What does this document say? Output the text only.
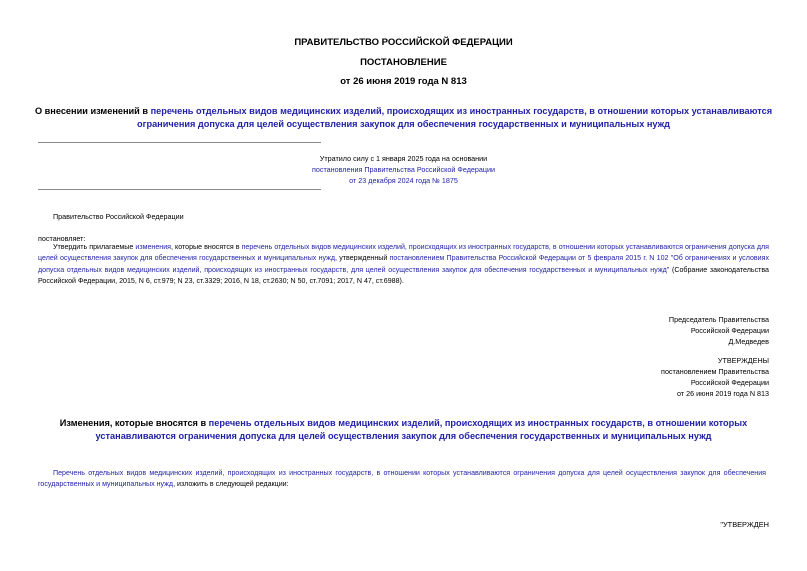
ПРАВИТЕЛЬСТВО РОССИЙСКОЙ ФЕДЕРАЦИИ
ПОСТАНОВЛЕНИЕ
от 26 июня 2019 года N 813
О внесении изменений в перечень отдельных видов медицинских изделий, происходящих из иностранных государств, в отношении которых устанавливаются ограничения допуска для целей осуществления закупок для обеспечения государственных и муниципальных нужд
Утратило силу с 1 января 2025 года на основании
постановления Правительства Российской Федерации
от 23 декабря 2024 года № 1875
Правительство Российской Федерации
постановляет:
Утвердить прилагаемые изменения, которые вносятся в перечень отдельных видов медицинских изделий, происходящих из иностранных государств, в отношении которых устанавливаются ограничения допуска для целей осуществления закупок для обеспечения государственных и муниципальных нужд, утвержденный постановлением Правительства Российской Федерации от 5 февраля 2015 г. N 102 "Об ограничениях и условиях допуска отдельных видов медицинских изделий, происходящих из иностранных государств, для целей осуществления закупок для обеспечения государственных и муниципальных нужд" (Собрание законодательства Российской Федерации, 2015, N 6, ст.979; N 23, ст.3329; 2016, N 18, ст.2630; N 50, ст.7091; 2017, N 47, ст.6988).
Председатель Правительства
Российской Федерации
Д.Медведев
УТВЕРЖДЕНЫ
постановлением Правительства
Российской Федерации
от 26 июня 2019 года N 813
Изменения, которые вносятся в перечень отдельных видов медицинских изделий, происходящих из иностранных государств, в отношении которых устанавливаются ограничения допуска для целей осуществления закупок для обеспечения государственных и муниципальных нужд
Перечень отдельных видов медицинских изделий, происходящих из иностранных государств, в отношении которых устанавливаются ограничения допуска для целей осуществления закупок для обеспечения государственных и муниципальных нужд, изложить в следующей редакции:
"УТВЕРЖДЕН
